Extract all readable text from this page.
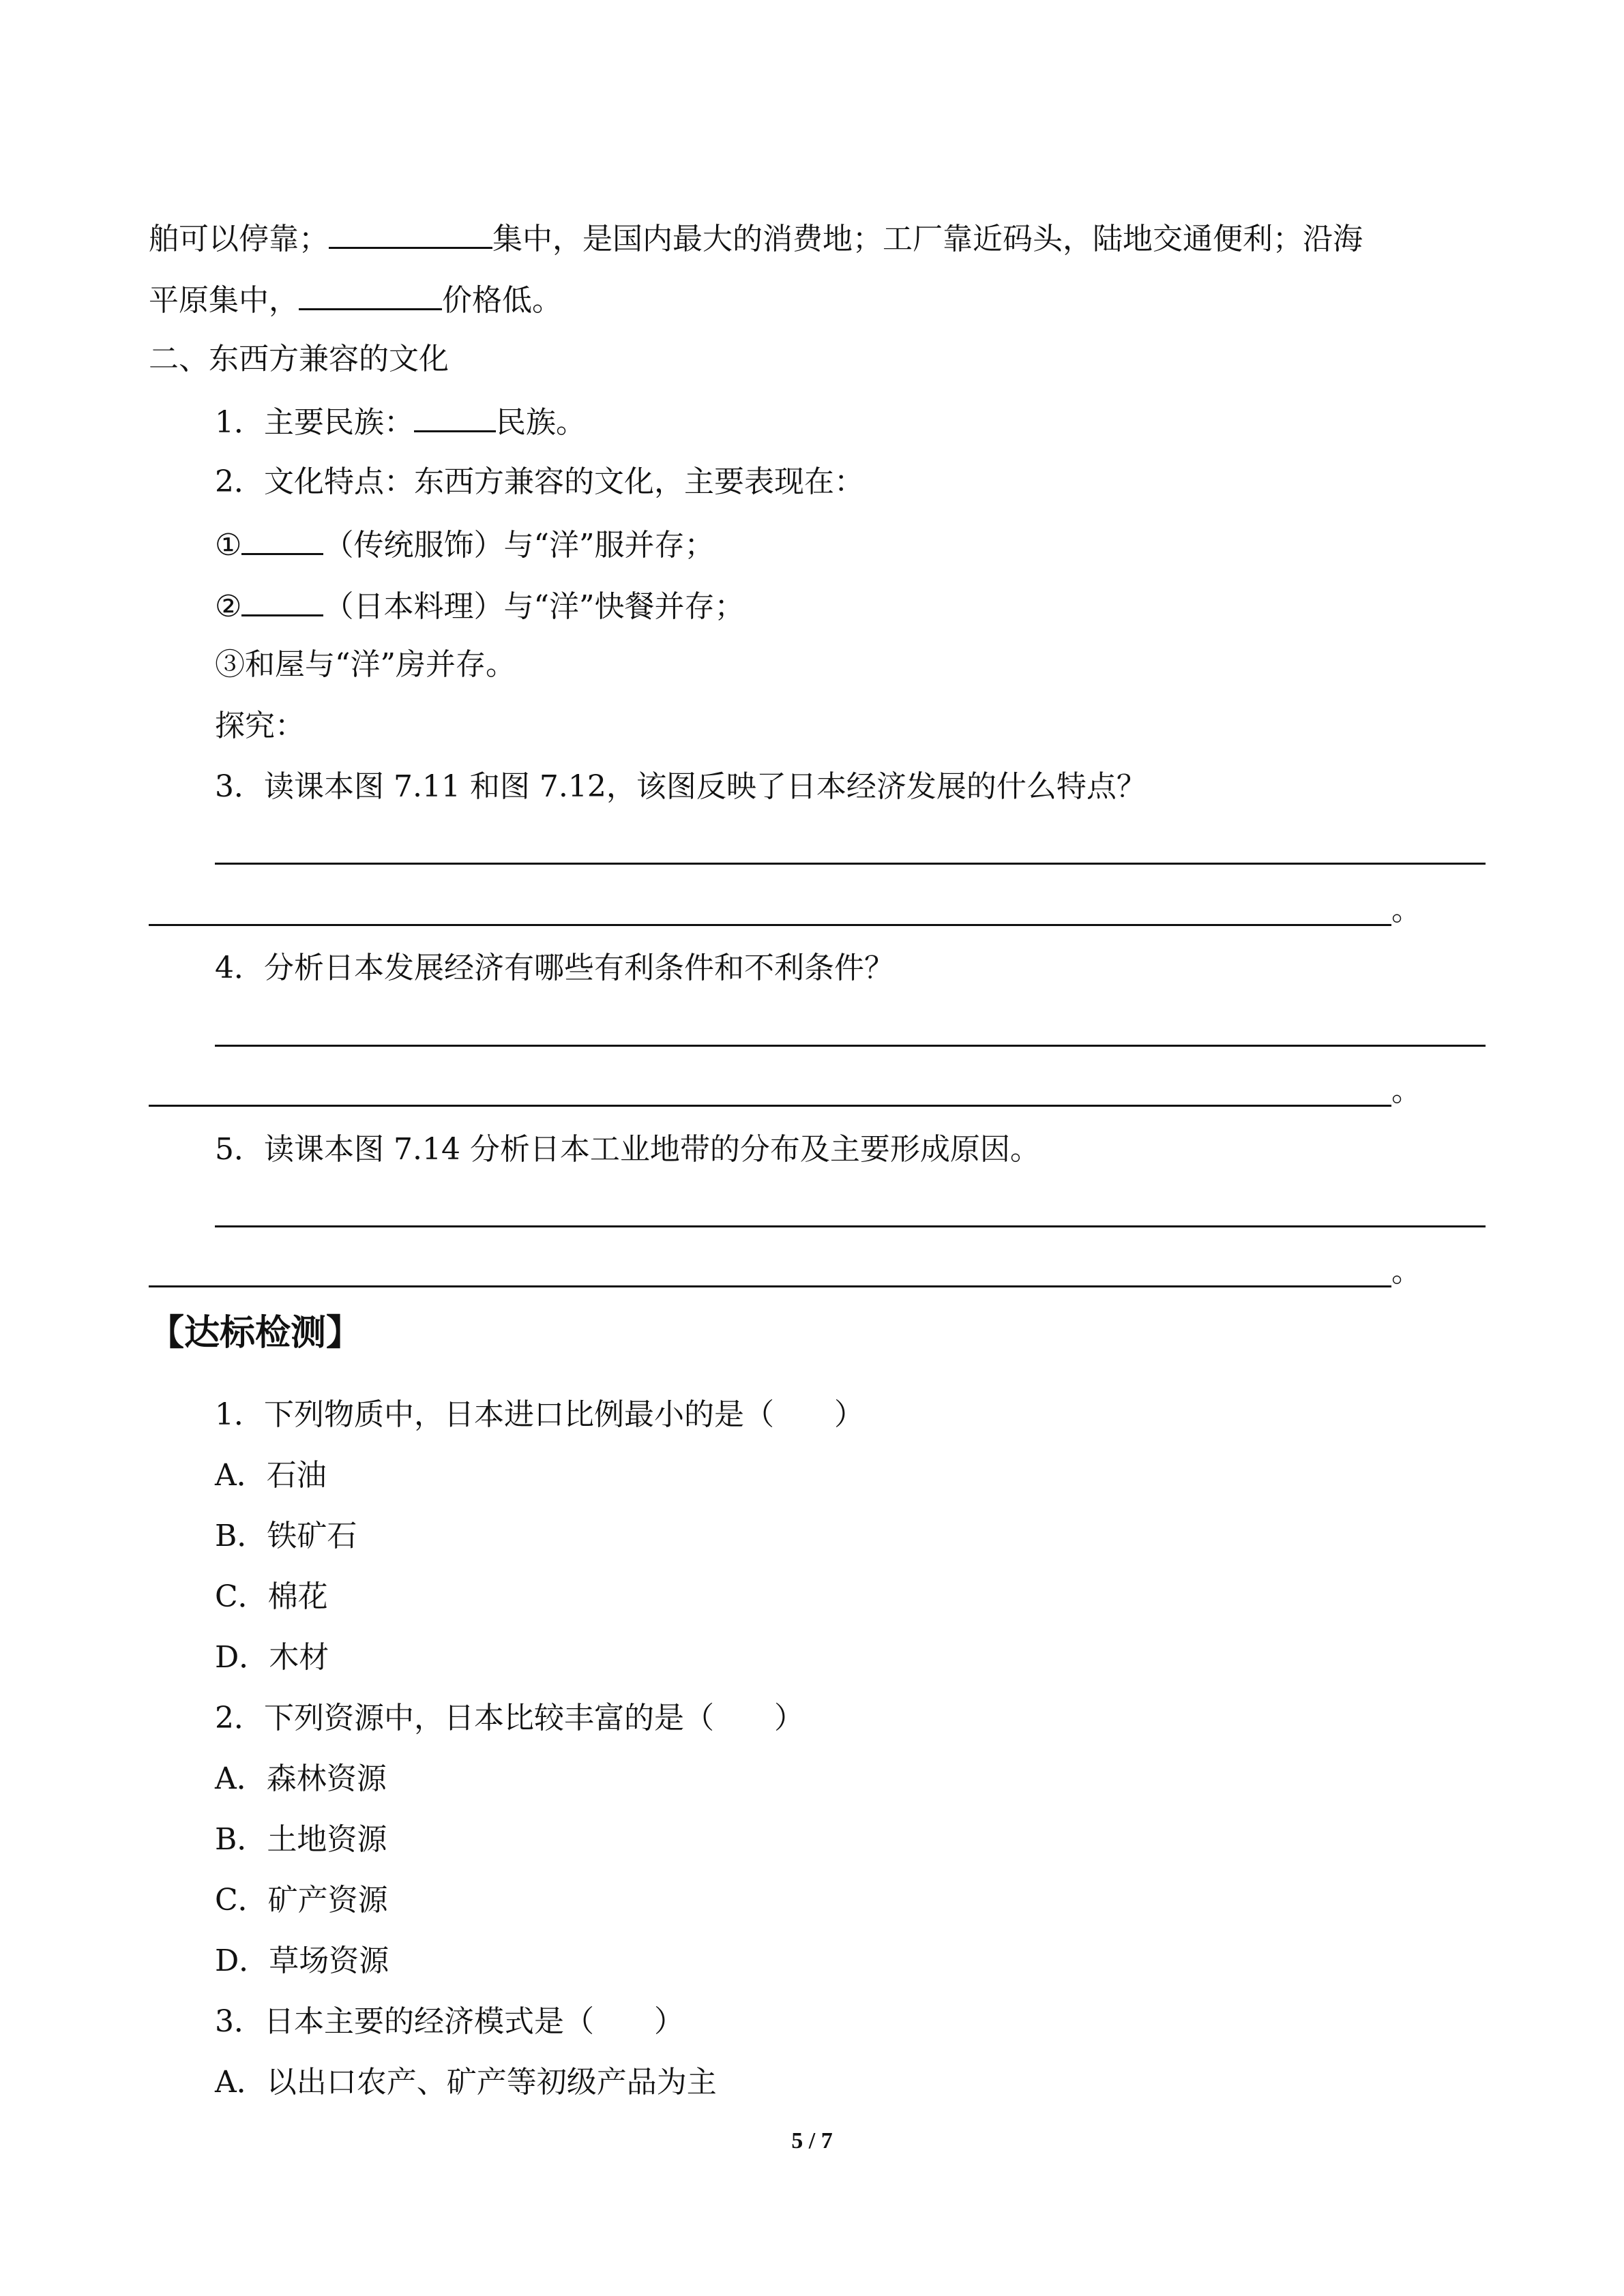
舶可以停靠；	集中，是国内最大的消费地；工厂靠近码头，陆地交通便利；沿海
平原集中，	价格低。
二、东西方兼容的文化
1．主要民族：	民族。
2．文化特点：东西方兼容的文化，主要表现在：
①	（传统服饰）与“洋”服并存；
②	（日本料理）与“洋”快餐并存；
③和屋与“洋”房并存。
探究：
3．读课本图 7.11 和图 7.12，该图反映了日本经济发展的什么特点？
。
4．分析日本发展经济有哪些有利条件和不利条件？
。
5．读课本图 7.14 分析日本工业地带的分布及主要形成原因。
。
【达标检测】
1．下列物质中，日本进口比例最小的是（　　）
A．石油
B．铁矿石
C．棉花
D．木材
2．下列资源中，日本比较丰富的是（　　）
A．森林资源
B．土地资源
C．矿产资源
D．草场资源
3．日本主要的经济模式是（　　）
A．以出口农产、矿产等初级产品为主
5 / 7
